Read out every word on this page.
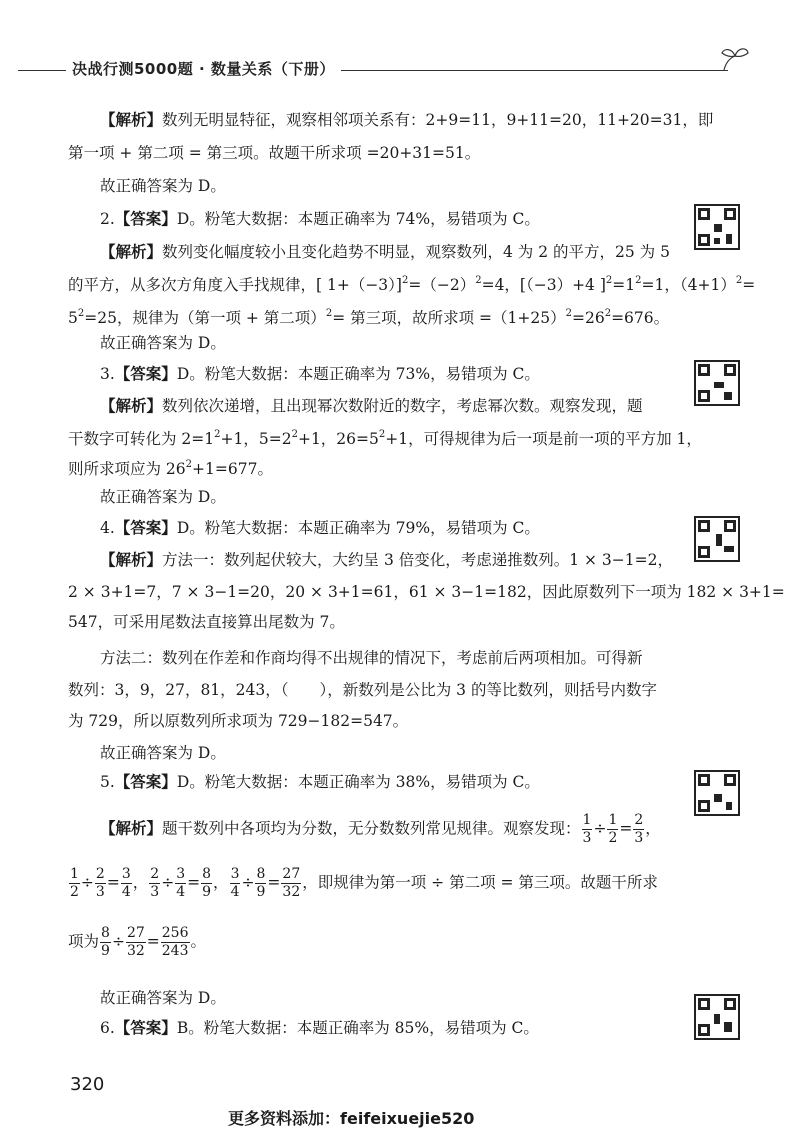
决战行测5000题 · 数量关系（下册）
【解析】数列无明显特征，观察相邻项关系有：2+9=11，9+11=20，11+20=31，即
第一项 + 第二项 = 第三项。故题干所求项 =20+31=51。
故正确答案为 D。
2.【答案】D。粉笔大数据：本题正确率为 74%，易错项为 C。
【解析】数列变化幅度较小且变化趋势不明显，观察数列，4 为 2 的平方，25 为 5
的平方，从多次方角度入手找规律，[ $1+(-3)]^2=(-2)^2=4$，[（−3）+4 ]$^2=1^2=1$，$(4+1)^2=$
$5^2=25$，规律为（第一项 + 第二项）$^2$= 第三项，故所求项 $=(1+25)^2=26^2=676$。
故正确答案为 D。
3.【答案】D。粉笔大数据：本题正确率为 73%，易错项为 C。
【解析】数列依次递增，且出现幂次数附近的数字，考虑幂次数。观察发现，题
干数字可转化为 $2=1^2+1$，$5=2^2+1$，$26=5^2+1$，可得规律为后一项是前一项的平方加 1，
则所求项应为 $26^2+1=677$。
故正确答案为 D。
4.【答案】D。粉笔大数据：本题正确率为 79%，易错项为 C。
【解析】方法一：数列起伏较大，大约呈 3 倍变化，考虑递推数列。1 × 3−1=2，
2 × 3+1=7，7 × 3−1=20，20 × 3+1=61，61 × 3−1=182，因此原数列下一项为 182 × 3+1=
547，可采用尾数法直接算出尾数为 7。
方法二：数列在作差和作商均得不出规律的情况下，考虑前后两项相加。可得新
数列：3，9，27，81，243，（　　），新数列是公比为 3 的等比数列，则括号内数字
为 729，所以原数列所求项为 729−182=547。
故正确答案为 D。
5.【答案】D。粉笔大数据：本题正确率为 38%，易错项为 C。
【解析】题干数列中各项均为分数，无分数数列常见规律。观察发现： $\frac{1}{3} \div \frac{1}{2} = \frac{2}{3}$ ，
$\frac{1}{2} \div \frac{2}{3} = \frac{3}{4}$ ， $\frac{2}{3} \div \frac{3}{4} = \frac{8}{9}$ ， $\frac{3}{4} \div \frac{8}{9} = \frac{27}{32}$ ，即规律为第一项 ÷ 第二项 = 第三项。故题干所求
项为 $\frac{8}{9} \div \frac{27}{32} = \frac{256}{243}$ 。
故正确答案为 D。
6.【答案】B。粉笔大数据：本题正确率为 85%，易错项为 C。
320
更多资料添加：feifeixuejie520
